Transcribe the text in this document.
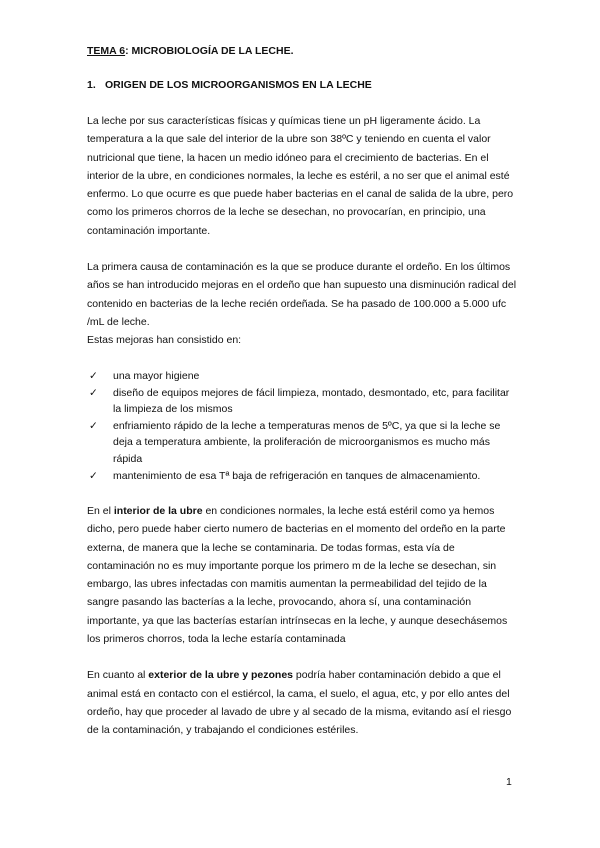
TEMA 6: MICROBIOLOGÍA DE LA LECHE.
1. ORIGEN DE LOS MICROORGANISMOS EN LA LECHE

La leche por sus características físicas y químicas tiene un pH ligeramente ácido. La temperatura a la que sale del interior de la ubre son 38ºC y teniendo en cuenta el valor nutricional que tiene, la hacen un medio idóneo para el crecimiento de bacterias. En el interior de la ubre, en condiciones normales, la leche es estéril, a no ser que el animal esté enfermo. Lo que ocurre es que puede haber bacterias en el canal de salida de la ubre, pero como los primeros chorros de la leche se desechan, no provocarían, en principio, una contaminación importante.

La primera causa de contaminación es la que se produce durante el ordeño. En los últimos años se han introducido mejoras en el ordeño que han supuesto una disminución radical del contenido en bacterias de la leche recién ordeñada. Se ha pasado de 100.000 a 5.000 ufc /mL de leche.

Estas mejoras han consistido en:

✓ una mayor higiene
✓ diseño de equipos mejores de fácil limpieza, montado, desmontado, etc, para facilitar la limpieza de los mismos
✓ enfriamiento rápido de la leche a temperaturas menos de 5ºC, ya que si la leche se deja a temperatura ambiente, la proliferación de microorganismos es mucho más rápida
✓ mantenimiento de esa Tª baja de refrigeración en tanques de almacenamiento.

En el interior de la ubre en condiciones normales, la leche está estéril como ya hemos dicho, pero puede haber cierto numero de bacterias en el momento del ordeño en la parte externa, de manera que la leche se contaminaria. De todas formas, esta vía de contaminación no es muy importante porque los primero m de la leche se desechan, sin embargo, las ubres infectadas con mamitis aumentan la permeabilidad del tejido de la sangre pasando las bacterías a la leche, provocando, ahora sí, una contaminación importante, ya que las bacterías estarían intrínsecas en la leche, y aunque desechásemos los primeros chorros, toda la leche estaría contaminada

En cuanto al exterior de la ubre y pezones podría haber contaminación debido a que el animal está en contacto con el estiércol, la cama, el suelo, el agua, etc, y por ello antes del ordeño, hay que proceder al lavado de ubre y al secado de la misma, evitando así el riesgo de la contaminación, y trabajando el condiciones estériles.

1
